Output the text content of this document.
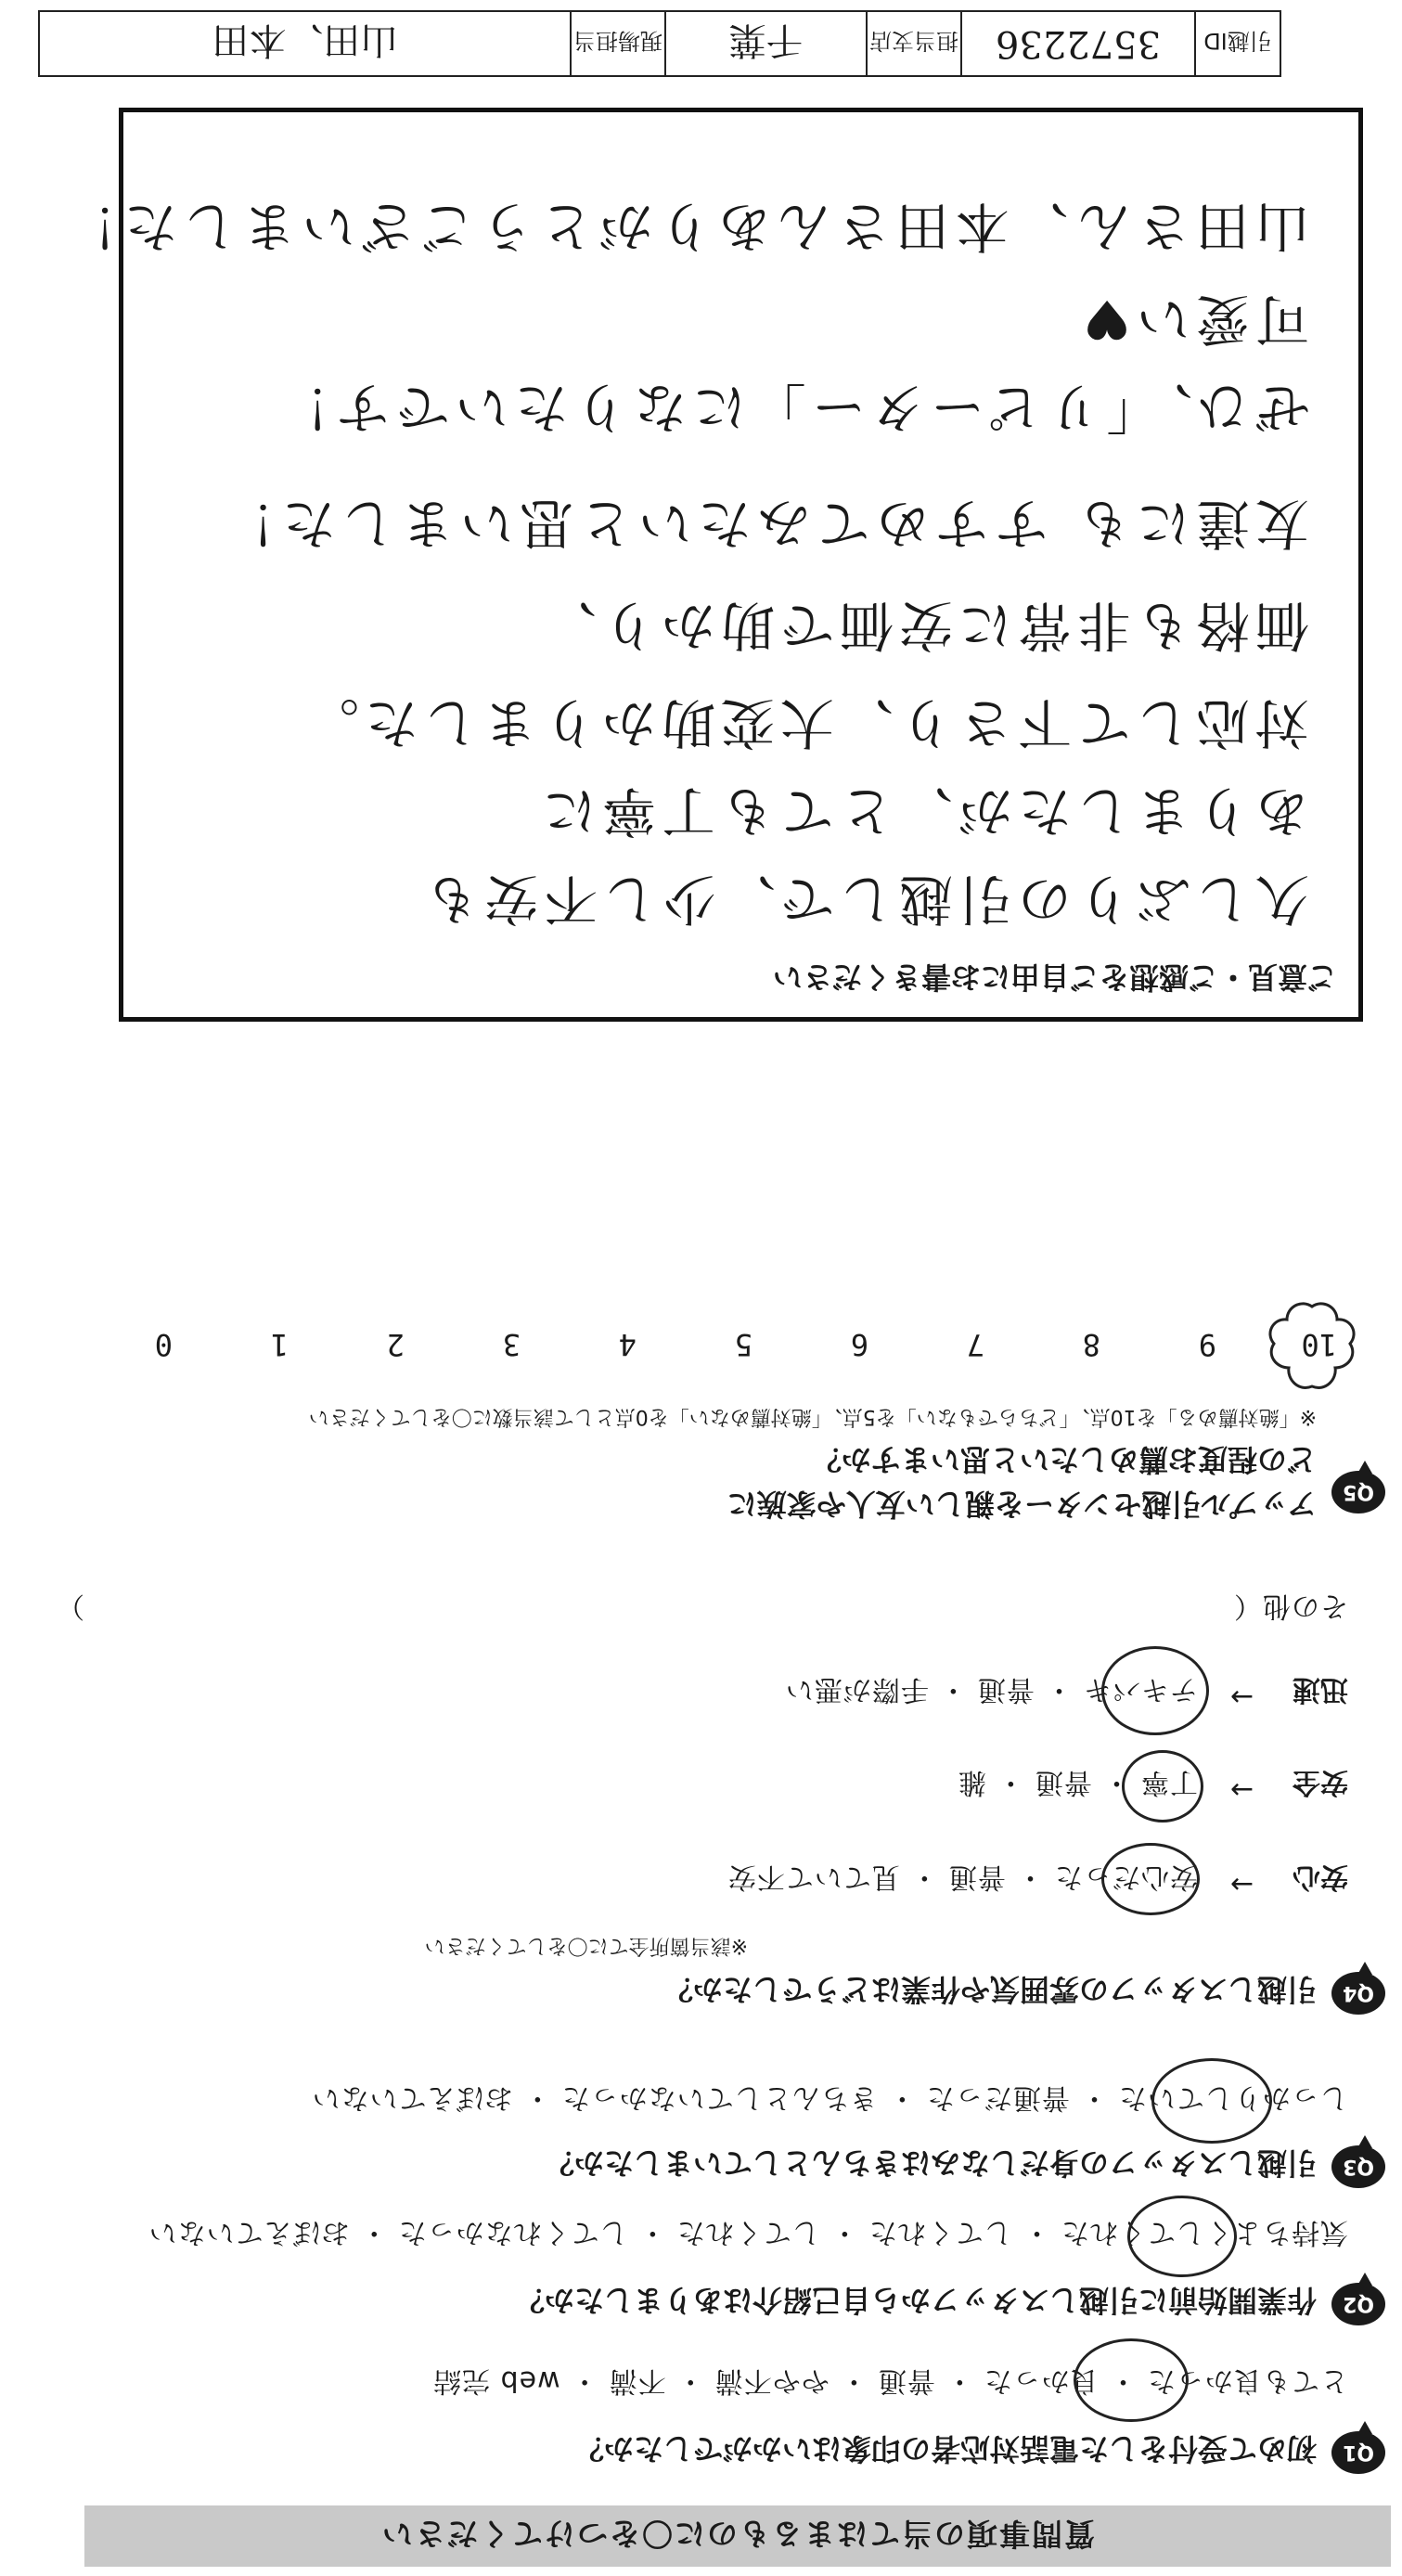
質問事項の当てはまるものに〇をつけてください
Q1
初めて受付をした電話対応者の印象はいかがでしたか？
とても良かった ・ 良かった ・ 普通 ・ やや不満 ・ 不満 ・ web 完結
Q2
作業開始前に引越しスタッフから自己紹介はありましたか？
気持ちよくしてくれた ・ してくれた ・ してくれた ・ してくれなかった ・ おぼえていない
Q3
引越しスタッフの身だしなみはきちんとしていましたか？
しっかりしていた ・ 普通だった ・ きちんとしていなかった ・ おぼえていない
Q4
引越しスタッフの雰囲気や作業はどうでしたか？
※該当箇所全てに〇をしてください
安心
→
安心だった ・ 普通 ・ 見ていて不安
安全
→
丁寧 ・ 普通 ・ 雑
迅速
→
テキパキ ・ 普通 ・ 手際が悪い
その他（
）
Q5
アップル引越センターを親しい友人や家族に
どの程度お薦めしたいと思いますか？
※「絶対薦める」を10点、「どちらでもない」を5点、「絶対薦めない」を0点として該当数に〇をしてください
10
9
8
7
6
5
4
3
2
1
0
ご意見・ご感想をご自由にお書きください
久しぶりの引越しで、少し不安も
ありましたが、とても丁寧に
対応して下さり、大変助かりました。
価格も非常に安価で助かり、
友達にも すすめてみたいと思いました！
ぜひ、「リピーター」になりたいです！
可愛い♥
山田さん、本田さんありがとうございました！
引越ID
3572236
担当支店
千葉
現場担当
山田、本田
